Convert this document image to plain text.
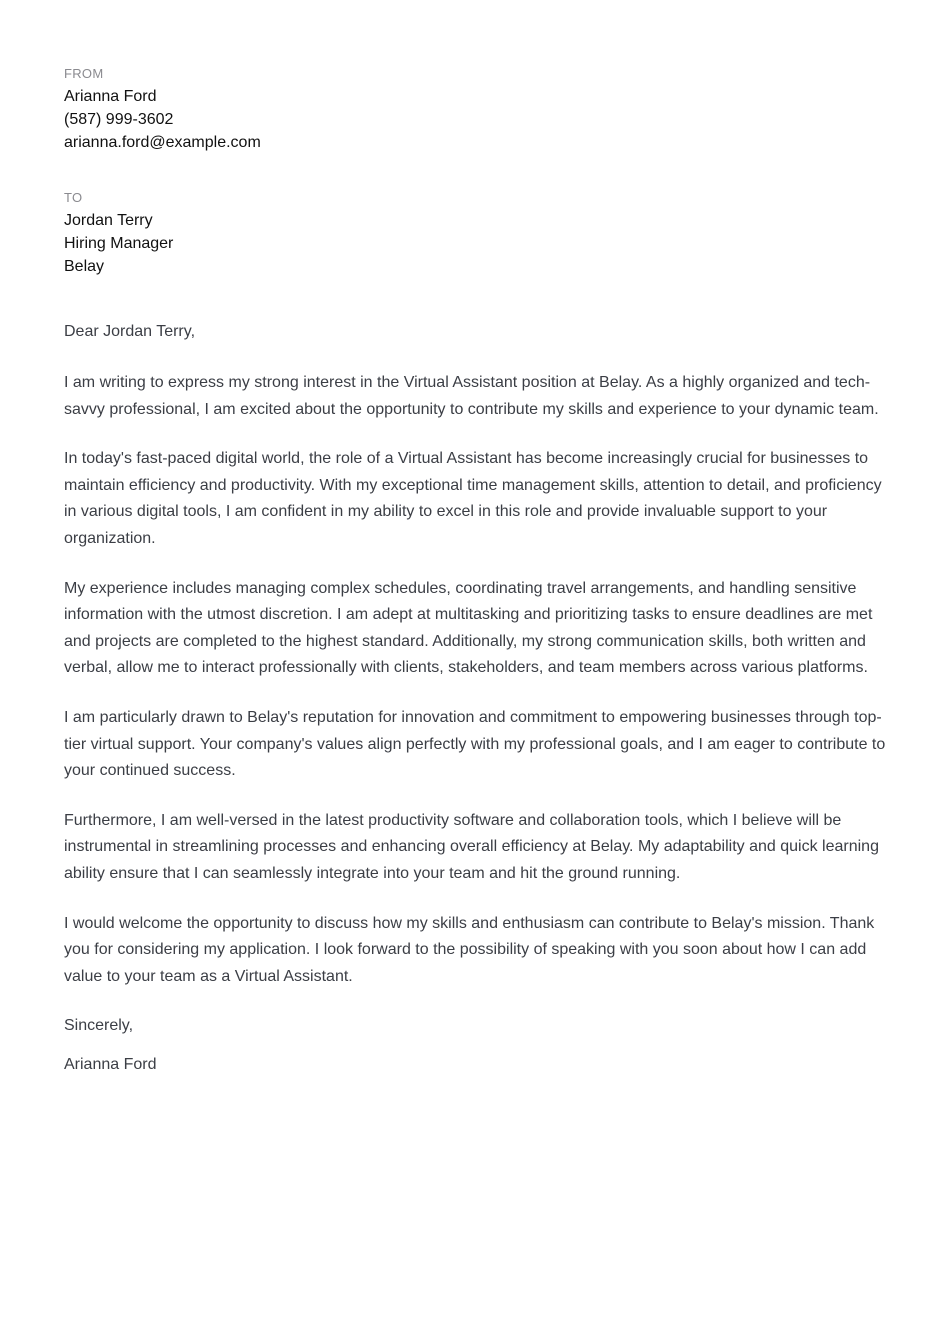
FROM
Arianna Ford
(587) 999-3602
arianna.ford@example.com
TO
Jordan Terry
Hiring Manager
Belay
Dear Jordan Terry,

I am writing to express my strong interest in the Virtual Assistant position at Belay. As a highly organized and tech-savvy professional, I am excited about the opportunity to contribute my skills and experience to your dynamic team.

In today's fast-paced digital world, the role of a Virtual Assistant has become increasingly crucial for businesses to maintain efficiency and productivity. With my exceptional time management skills, attention to detail, and proficiency in various digital tools, I am confident in my ability to excel in this role and provide invaluable support to your organization.

My experience includes managing complex schedules, coordinating travel arrangements, and handling sensitive information with the utmost discretion. I am adept at multitasking and prioritizing tasks to ensure deadlines are met and projects are completed to the highest standard. Additionally, my strong communication skills, both written and verbal, allow me to interact professionally with clients, stakeholders, and team members across various platforms.

I am particularly drawn to Belay's reputation for innovation and commitment to empowering businesses through top-tier virtual support. Your company's values align perfectly with my professional goals, and I am eager to contribute to your continued success.

Furthermore, I am well-versed in the latest productivity software and collaboration tools, which I believe will be instrumental in streamlining processes and enhancing overall efficiency at Belay. My adaptability and quick learning ability ensure that I can seamlessly integrate into your team and hit the ground running.

I would welcome the opportunity to discuss how my skills and enthusiasm can contribute to Belay's mission. Thank you for considering my application. I look forward to the possibility of speaking with you soon about how I can add value to your team as a Virtual Assistant.

Sincerely,
Arianna Ford
